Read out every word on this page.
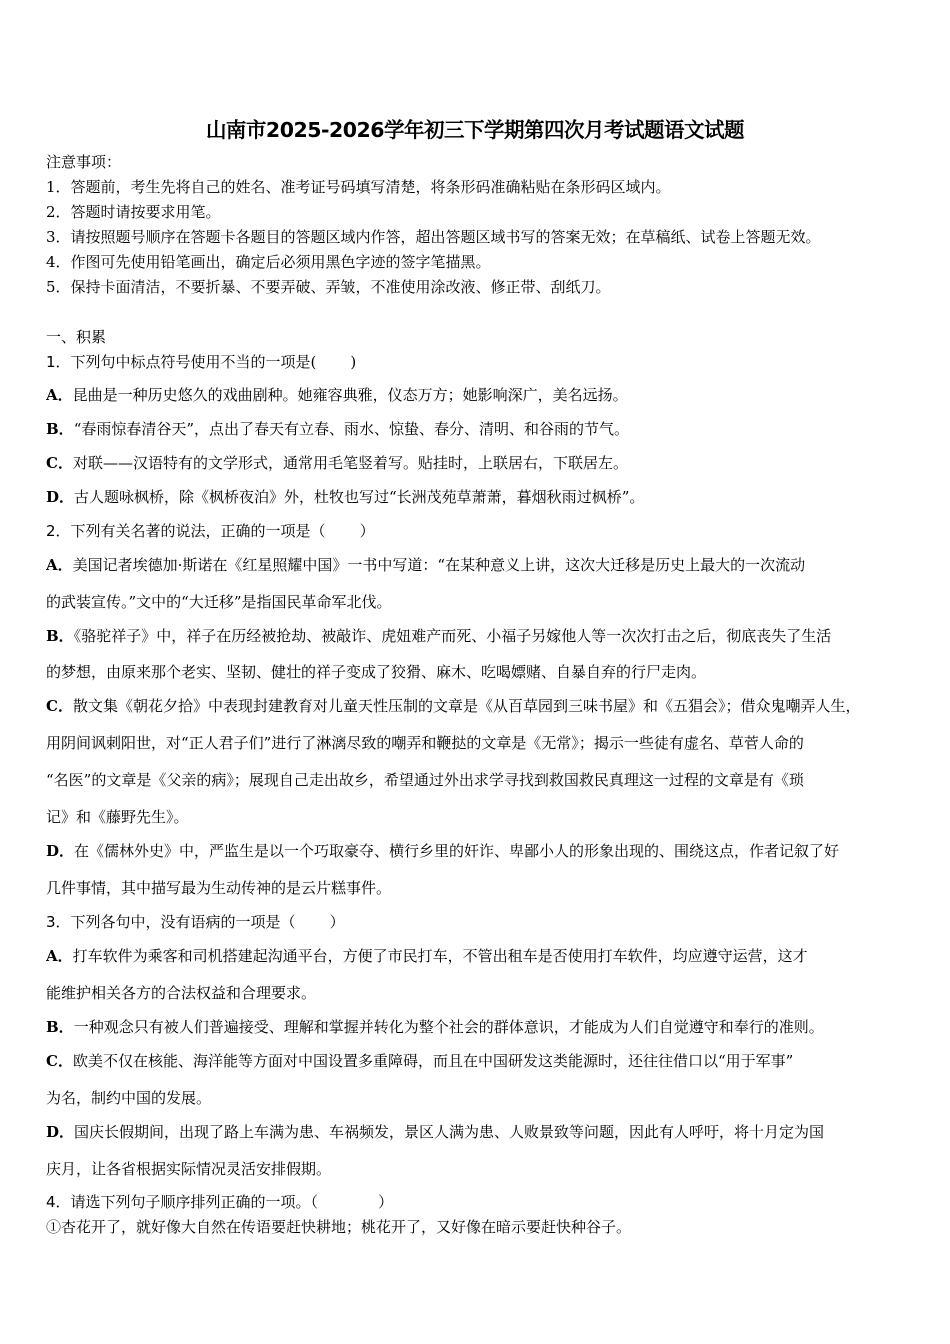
山南市2025-2026学年初三下学期第四次月考试题语文试题
注意事项：
1．答题前，考生先将自己的姓名、准考证号码填写清楚，将条形码准确粘贴在条形码区域内。
2．答题时请按要求用笔。
3．请按照题号顺序在答题卡各题目的答题区域内作答，超出答题区域书写的答案无效；在草稿纸、试卷上答题无效。
4．作图可先使用铅笔画出，确定后必须用黑色字迹的签字笔描黑。
5．保持卡面清洁，不要折暴、不要弄破、弄皱，不准使用涂改液、修正带、刮纸刀。
一、积累
1．下列句中标点符号使用不当的一项是( )
A．昆曲是一种历史悠久的戏曲剧种。她雍容典雅，仪态万方；她影响深广，美名远扬。
B．“春雨惊春清谷天”，点出了春天有立春、雨水、惊蛰、春分、清明、和谷雨的节气。
C．对联——汉语特有的文学形式，通常用毛笔竖着写。贴挂时，上联居右，下联居左。
D．古人题咏枫桥，除《枫桥夜泊》外，杜牧也写过“长洲茂苑草萧萧，暮烟秋雨过枫桥”。
2．下列有关名著的说法，正确的一项是（ ）
A．美国记者埃德加·斯诺在《红星照耀中国》一书中写道：“在某种意义上讲，这次大迁移是历史上最大的一次流动
的武装宣传。”文中的“大迁移”是指国民革命军北伐。
B．《骆驼祥子》中，祥子在历经被抢劫、被敲诈、虎妞难产而死、小福子另嫁他人等一次次打击之后，彻底丧失了生活
的梦想，由原来那个老实、坚韧、健壮的祥子变成了狡猾、麻木、吃喝嫖赌、自暴自弃的行尸走肉。
C．散文集《朝花夕拾》中表现封建教育对儿童天性压制的文章是《从百草园到三味书屋》和《五猖会》；借众鬼嘲弄人生，
用阴间讽刺阳世，对“正人君子们”进行了淋漓尽致的嘲弄和鞭挞的文章是《无常》；揭示一些徒有虚名、草菅人命的
“名医”的文章是《父亲的病》；展现自己走出故乡，希望通过外出求学寻找到救国救民真理这一过程的文章是有《琐
记》和《藤野先生》。
D．在《儒林外史》中，严监生是以一个巧取豪夺、横行乡里的奸诈、卑鄙小人的形象出现的、围绕这点，作者记叙了好
几件事情，其中描写最为生动传神的是云片糕事件。
3．下列各句中，没有语病的一项是（ ）
A．打车软件为乘客和司机搭建起沟通平台，方便了市民打车，不管出租车是否使用打车软件，均应遵守运营，这才
能维护相关各方的合法权益和合理要求。
B．一种观念只有被人们普遍接受、理解和掌握并转化为整个社会的群体意识，才能成为人们自觉遵守和奉行的准则。
C．欧美不仅在核能、海洋能等方面对中国设置多重障碍，而且在中国研发这类能源时，还往往借口以“用于军事”
为名，制约中国的发展。
D．国庆长假期间，出现了路上车满为患、车祸频发，景区人满为患、人败景致等问题，因此有人呼吁，将十月定为国
庆月，让各省根据实际情况灵活安排假期。
4．请选下列句子顺序排列正确的一项。（	）
①杏花开了，就好像大自然在传语要赶快耕地；桃花开了，又好像在暗示要赶快种谷子。
